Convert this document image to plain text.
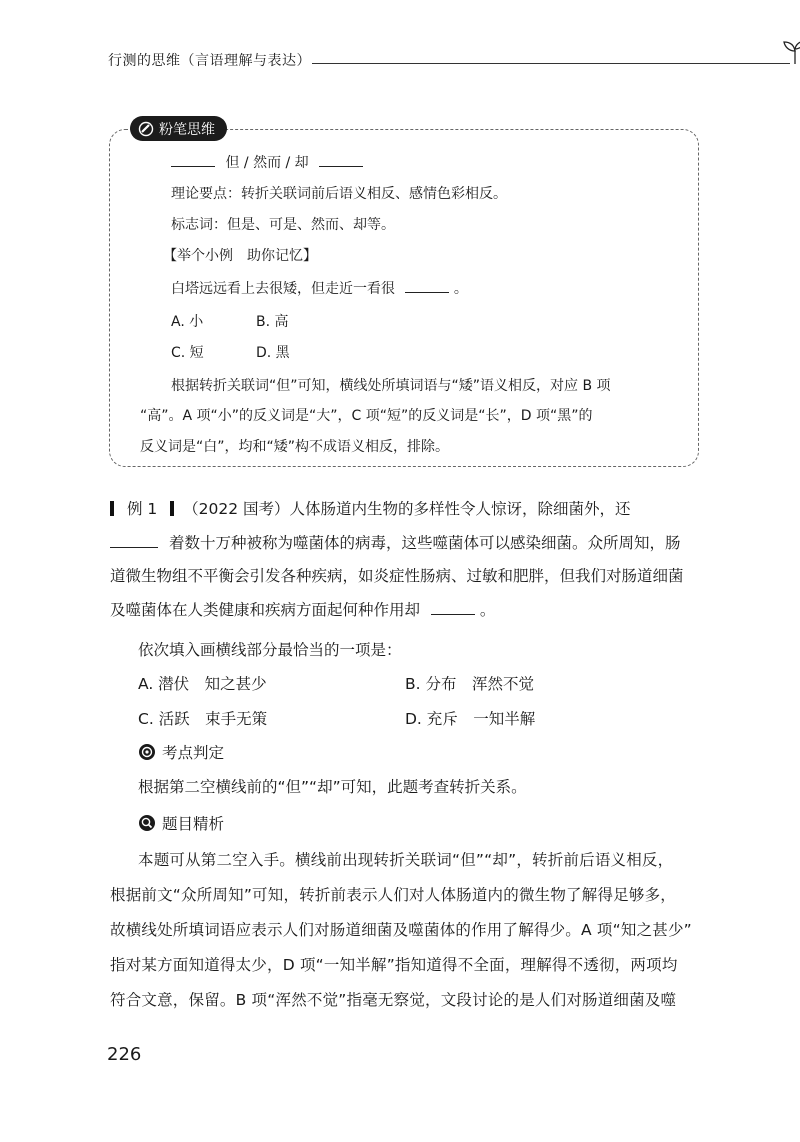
行测的思维（言语理解与表达）
粉笔思维
但 / 然而 / 却
理论要点：转折关联词前后语义相反、感情色彩相反。
标志词：但是、可是、然而、却等。
【举个小例　助你记忆】
白塔远远看上去很矮，但走近一看很	。
A. 小	B. 高
C. 短	D. 黑
根据转折关联词“但”可知，横线处所填词语与“矮”语义相反，对应 B 项
“高”。A 项“小”的反义词是“大”，C 项“短”的反义词是“长”，D 项“黑”的
反义词是“白”，均和“矮”构不成语义相反，排除。
例 1 （2022 国考）人体肠道内生物的多样性令人惊讶，除细菌外，还
着数十万种被称为噬菌体的病毒，这些噬菌体可以感染细菌。众所周知，肠
道微生物组不平衡会引发各种疾病，如炎症性肠病、过敏和肥胖，但我们对肠道细菌
及噬菌体在人类健康和疾病方面起何种作用却	。
依次填入画横线部分最恰当的一项是：
A. 潜伏　知之甚少	B. 分布　浑然不觉
C. 活跃　束手无策	D. 充斥　一知半解
考点判定
根据第二空横线前的“但”“却”可知，此题考查转折关系。
题目精析
本题可从第二空入手。横线前出现转折关联词“但”“却”，转折前后语义相反，
根据前文“众所周知”可知，转折前表示人们对人体肠道内的微生物了解得足够多，
故横线处所填词语应表示人们对肠道细菌及噬菌体的作用了解得少。A 项“知之甚少”
指对某方面知道得太少，D 项“一知半解”指知道得不全面，理解得不透彻，两项均
符合文意，保留。B 项“浑然不觉”指毫无察觉，文段讨论的是人们对肠道细菌及噬
226
